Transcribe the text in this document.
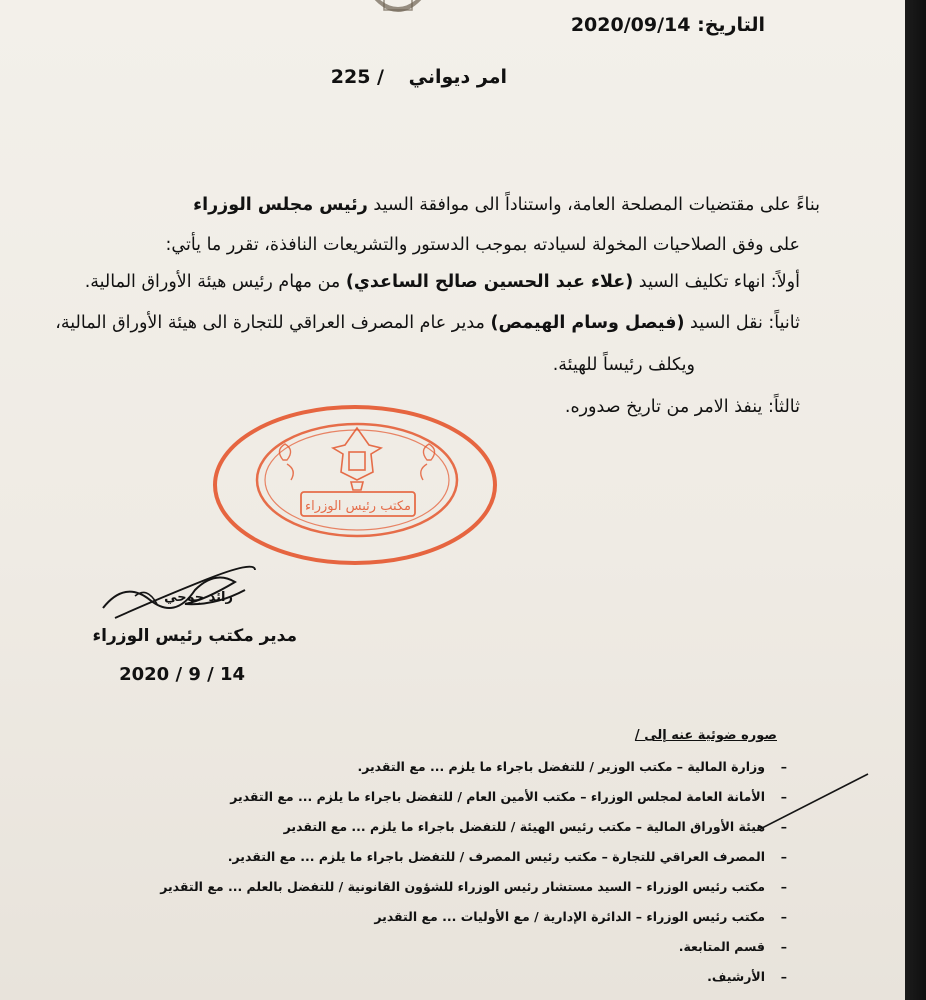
التاريخ: 2020/09/14
امر ديواني / 225
بناءً على مقتضيات المصلحة العامة، واستناداً الى موافقة السيد رئيس مجلس الوزراء
على وفق الصلاحيات المخولة لسيادته بموجب الدستور والتشريعات النافذة، تقرر ما يأتي:
أولاً: انهاء تكليف السيد (علاء عبد الحسين صالح الساعدي) من مهام رئيس هيئة الأوراق المالية.
ثانياً: نقل السيد (فيصل وسام الهيمص) مدير عام المصرف العراقي للتجارة الى هيئة الأوراق المالية،
ويكلف رئيساً للهيئة.
ثالثاً: ينفذ الامر من تاريخ صدوره.
مكتب رئيس الوزراء
رائد جوحي
مدير مكتب رئيس الوزراء
2020 / 9 / 14
صوره ضوئية عنه إلى /
–
وزارة المالية – مكتب الوزير / للتفضل باجراء ما يلزم ... مع التقدير.
–
الأمانة العامة لمجلس الوزراء – مكتب الأمين العام / للتفضل باجراء ما يلزم ... مع التقدير
–
هيئة الأوراق المالية – مكتب رئيس الهيئة / للتفضل باجراء ما يلزم ... مع التقدير
–
المصرف العراقي للتجارة – مكتب رئيس المصرف / للتفضل باجراء ما يلزم ... مع التقدير.
–
مكتب رئيس الوزراء – السيد مستشار رئيس الوزراء للشؤون القانونية / للتفضل بالعلم ... مع التقدير
–
مكتب رئيس الوزراء – الدائرة الإدارية / مع الأوليات ... مع التقدير
–
قسم المتابعة.
–
الأرشيف.
